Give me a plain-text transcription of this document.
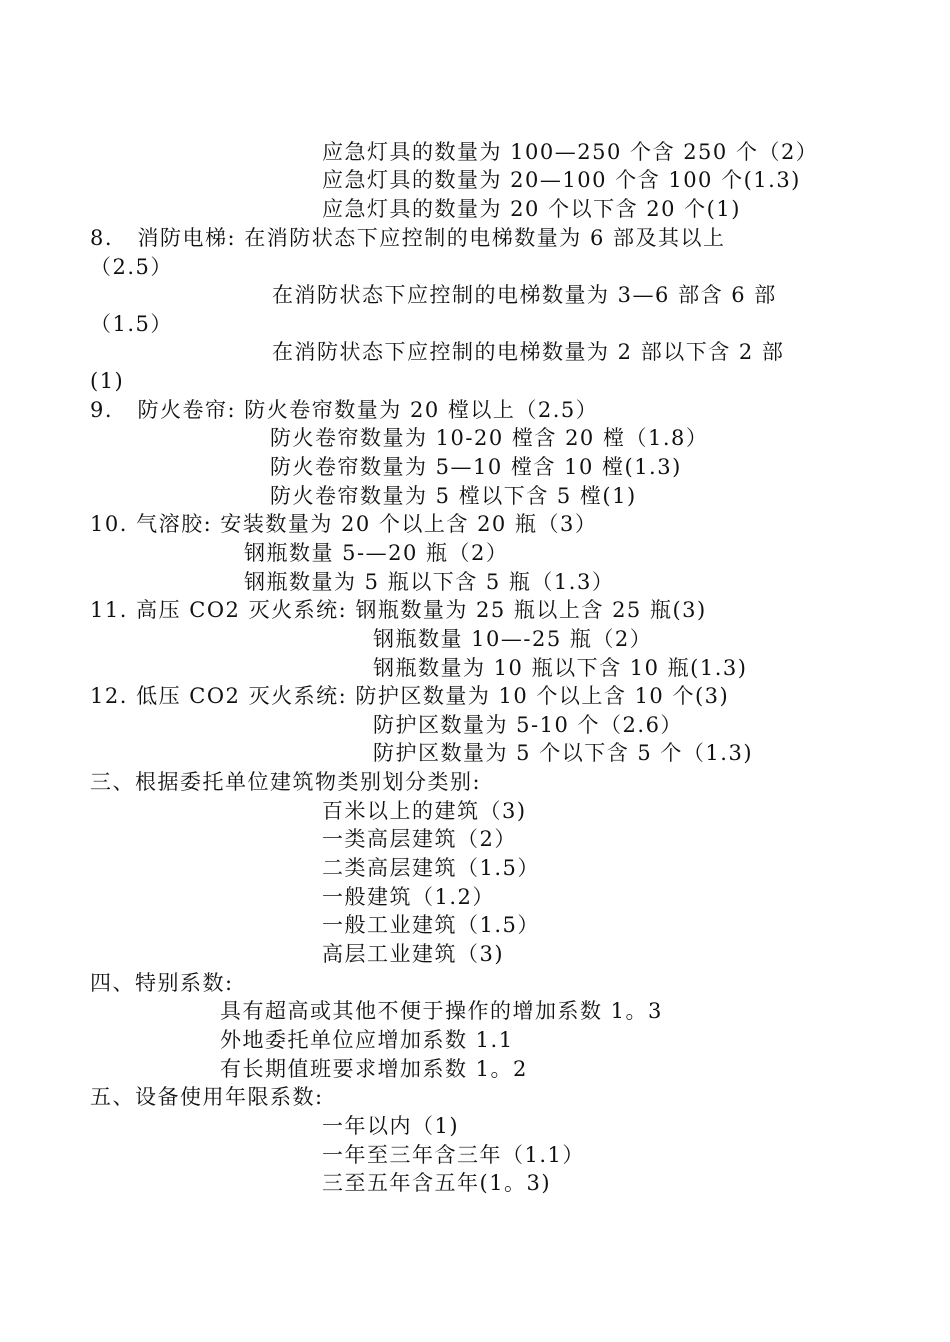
应急灯具的数量为 100—250 个含 250 个（2）
应急灯具的数量为 20—100 个含 100 个(1.3)
应急灯具的数量为 20 个以下含 20 个(1)
8.   消防电梯: 在消防状态下应控制的电梯数量为 6 部及其以上
（2.5）
在消防状态下应控制的电梯数量为 3—6 部含 6 部
（1.5）
在消防状态下应控制的电梯数量为 2 部以下含 2 部
(1)
9.   防火卷帘: 防火卷帘数量为 20 樘以上（2.5）
防火卷帘数量为 10-20 樘含 20 樘（1.8）
防火卷帘数量为 5—10 樘含 10 樘(1.3)
防火卷帘数量为 5 樘以下含 5 樘(1)
10. 气溶胶: 安装数量为 20 个以上含 20 瓶（3）
钢瓶数量 5-—20 瓶（2）
钢瓶数量为 5 瓶以下含 5 瓶（1.3）
11. 高压 CO2 灭火系统: 钢瓶数量为 25 瓶以上含 25 瓶(3)
钢瓶数量 10—-25 瓶（2）
钢瓶数量为 10 瓶以下含 10 瓶(1.3)
12. 低压 CO2 灭火系统: 防护区数量为 10 个以上含 10 个(3)
防护区数量为 5-10 个（2.6）
防护区数量为 5 个以下含 5 个（1.3)
三、根据委托单位建筑物类别划分类别:
百米以上的建筑（3)
一类高层建筑（2）
二类高层建筑（1.5）
一般建筑（1.2）
一般工业建筑（1.5）
高层工业建筑（3)
四、特别系数:
具有超高或其他不便于操作的增加系数 1。3
外地委托单位应增加系数 1.1
有长期值班要求增加系数 1。2
五、设备使用年限系数:
一年以内（1)
一年至三年含三年（1.1）
三至五年含五年(1。3)
